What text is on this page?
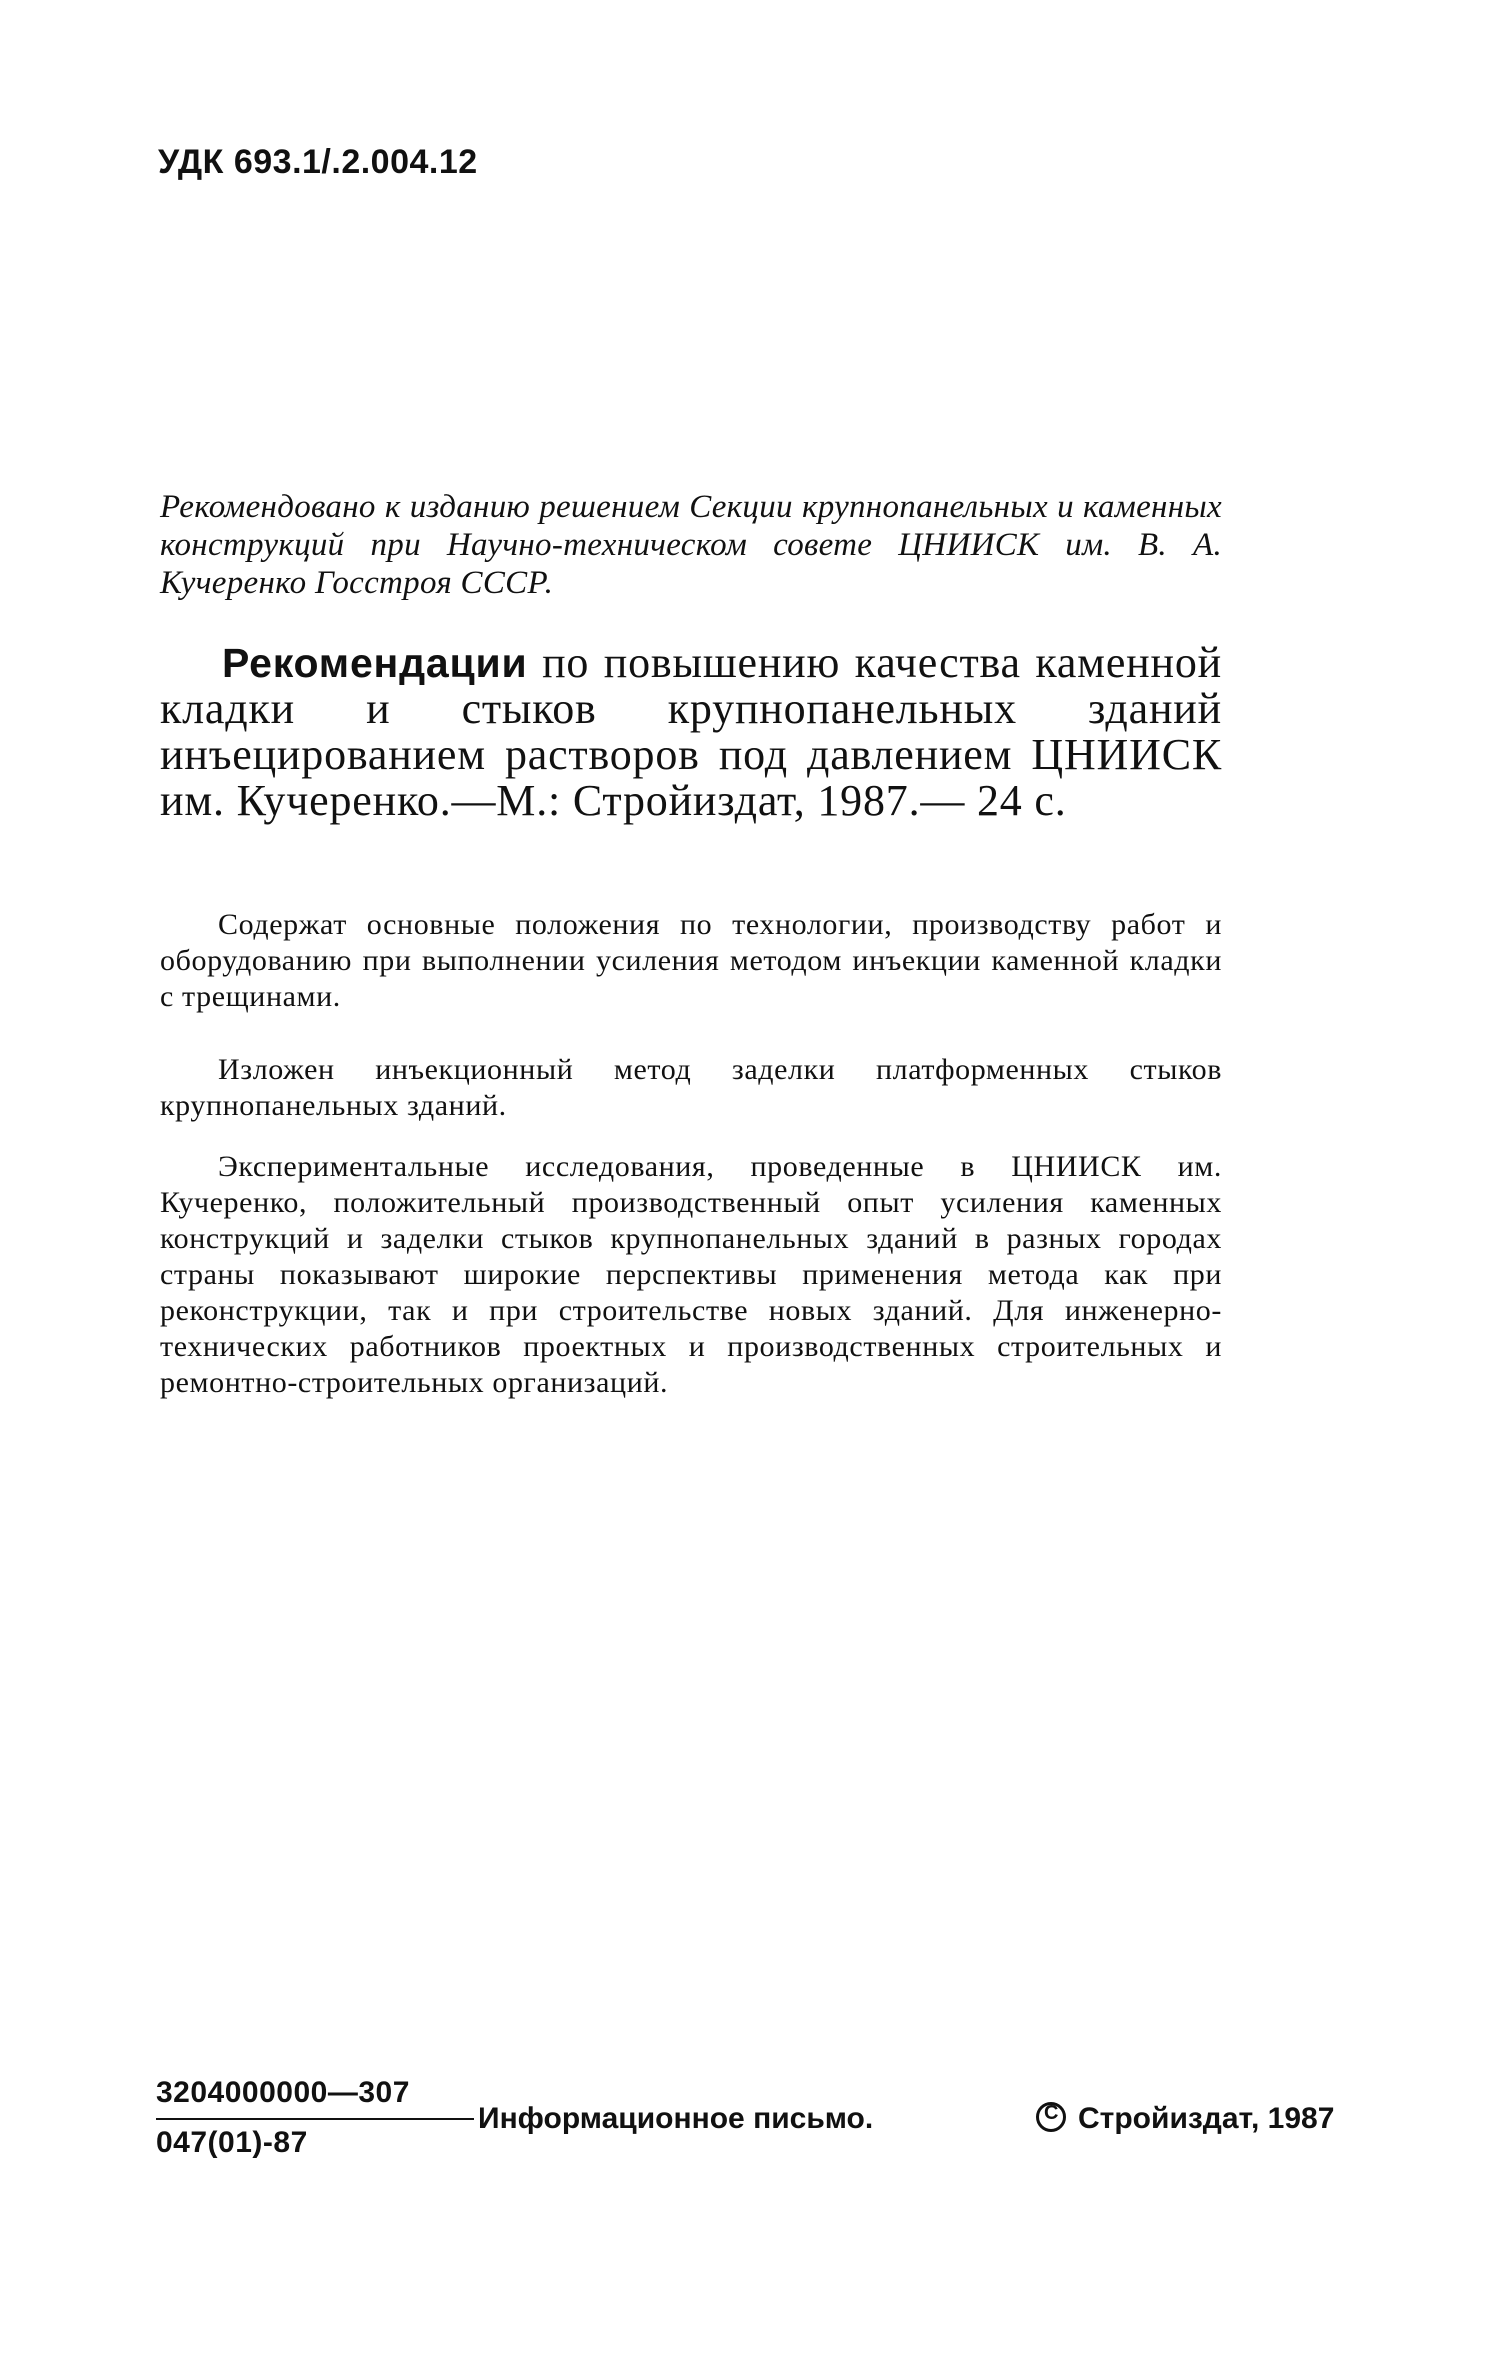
УДК 693.1/.2.004.12
Рекомендовано к изданию решением Секции крупнопанельных и каменных конструкций при Научно-техническом совете ЦНИИСК им. В. А. Кучеренко Госстроя СССР.
Рекомендации по повышению качества каменной кладки и стыков крупнопанельных зданий инъецированием растворов под давлением ЦНИИСК им. Кучеренко.—М.: Стройиздат, 1987.— 24 с.
Содержат основные положения по технологии, производству работ и оборудованию при выполнении усиления методом инъекции каменной кладки с трещинами.
Изложен инъекционный метод заделки платформенных стыков крупнопанельных зданий.
Экспериментальные исследования, проведенные в ЦНИИСК им. Кучеренко, положительный производственный опыт усиления каменных конструкций и заделки стыков крупнопанельных зданий в разных городах страны показывают широкие перспективы применения метода как при реконструкции, так и при строительстве новых зданий. Для инженерно-технических работников проектных и производственных строительных и ремонтно-строительных организаций.
3204000000—307
047(01)-87
Информационное письмо.
C	Стройиздат, 1987
